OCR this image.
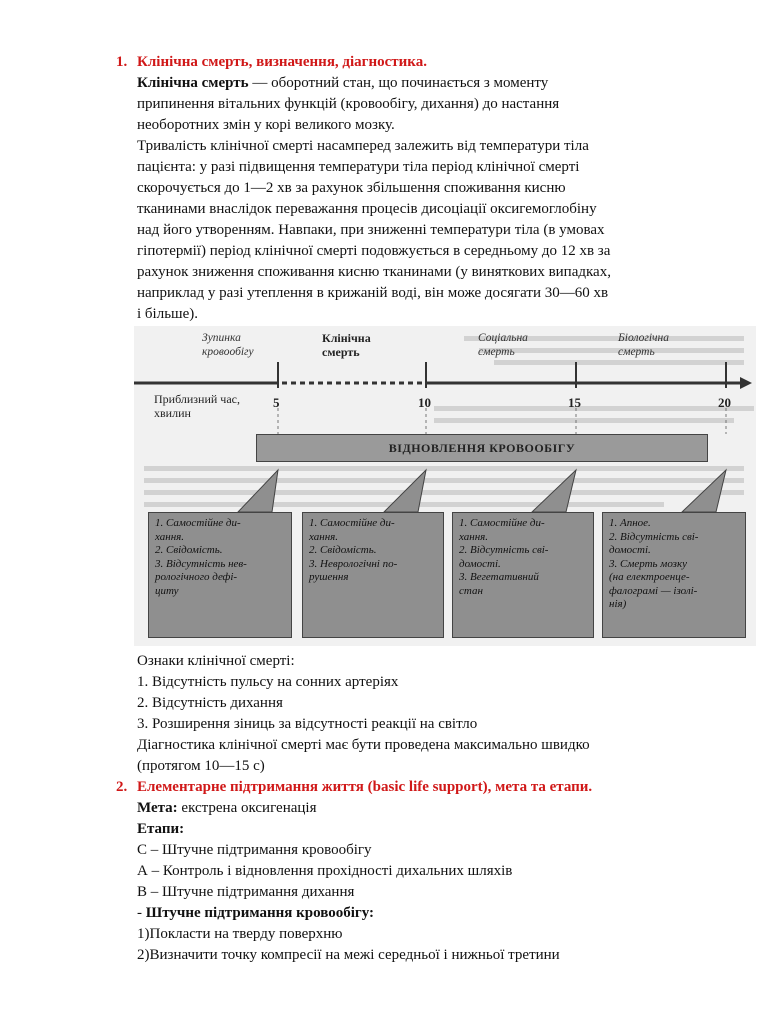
1. Клінічна смерть, визначення, діагностика.
Клінічна смерть — оборотний стан, що починається з моменту
припинення вітальних функцій (кровообігу, дихання) до настання
необоротних змін у корі великого мозку.
Тривалість клінічної смерті насамперед залежить від температури тіла
пацієнта: у разі підвищення температури тіла період клінічної смерті
скорочується до 1—2 хв за рахунок збільшення споживання кисню
тканинами внаслідок переважання процесів дисоціації оксигемоглобіну
над його утворенням. Навпаки, при зниженні температури тіла (в умовах
гіпотермії) період клінічної смерті подовжується в середньому до 12 хв за
рахунок зниження споживання кисню тканинами (у виняткових випадках,
наприклад у разі утеплення в крижаній воді, він може досягати 30—60 хв
і більше).
Зупинка
кровообігу
Клінічна
смерть
Соціальна
смерть
Біологічна
смерть
Приблизний час,
хвилин
5	10	15	20
ВІДНОВЛЕННЯ КРОВООБІГУ
1. Самостійне ди-
хання.
2. Свідомість.
3. Відсутність нев-
рологічного дефі-
циту
1. Самостійне ди-
хання.
2. Свідомість.
3. Неврологічні по-
рушення
1. Самостійне ди-
хання.
2. Відсутність сві-
домості.
3. Вегетативний
стан
1. Апное.
2. Відсутність сві-
домості.
3. Смерть мозку
(на електроенце-
фалограмі — ізолі-
нія)
Ознаки клінічної смерті:
1. Відсутність пульсу на сонних артеріях
2. Відсутність дихання
3. Розширення зіниць за відсутності реакції на світло
Діагностика клінічної смерті має бути проведена максимально швидко
(протягом 10—15 с)
2. Елементарне підтримання життя (basic life support), мета та етапи.
Мета: екстрена оксигенація
Етапи:
С – Штучне підтримання кровообігу
А – Контроль і відновлення прохідності дихальних шляхів
В – Штучне підтримання дихання
- Штучне підтримання кровообігу:
1)Покласти на тверду поверхню
2)Визначити точку компресії на межі середньої і нижньої третини
